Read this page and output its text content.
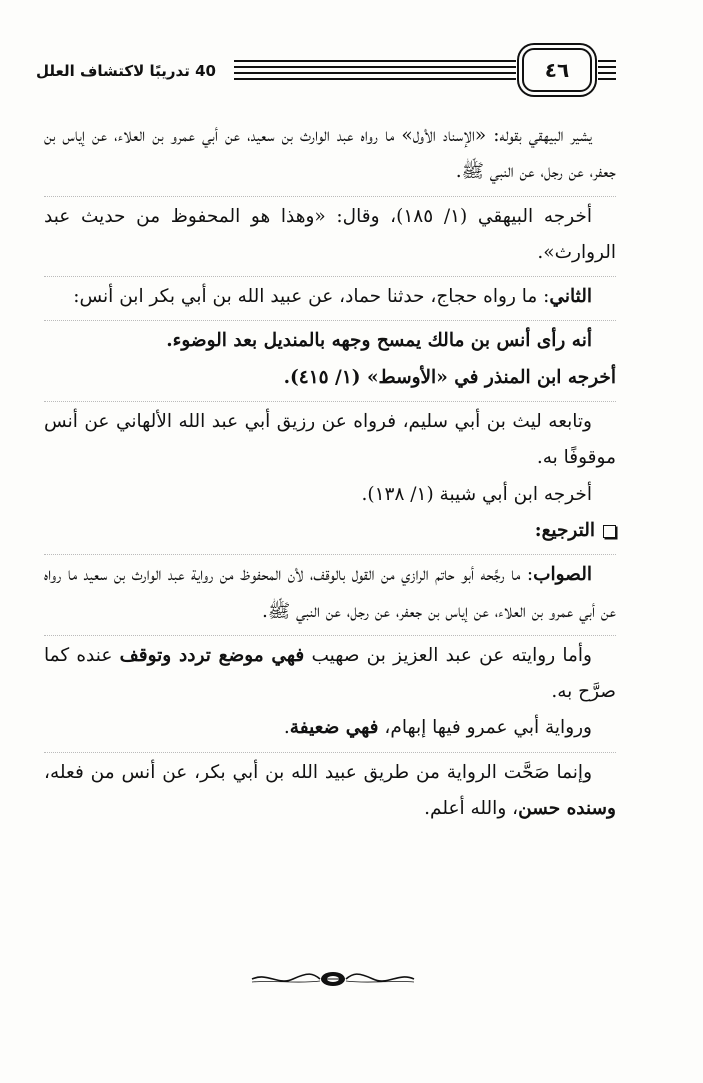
40 تدريبًا لاكتشاف العلل	٤٦

يشير البيهقي بقوله: «الإسناد الأول» ما رواه عبد الوارث بن سعيد، عن أبي عمرو بن العلاء، عن إياس بن جعفر، عن رجل، عن النبي ﷺ.

أخرجه البيهقي (١/ ١٨٥)، وقال: «وهذا هو المحفوظ من حديث عبد الروارث».

الثاني: ما رواه حجاج، حدثنا حماد، عن عبيد الله بن أبي بكر ابن أنس:

أنه رأى أنس بن مالك يمسح وجهه بالمنديل بعد الوضوء.

أخرجه ابن المنذر في «الأوسط» (١/ ٤١٥).

وتابعه ليث بن أبي سليم، فرواه عن رزيق أبي عبد الله الألهاني عن أنس موقوفًا به.

أخرجه ابن أبي شيبة (١/ ١٣٨).

الترجيع:

الصواب: ما رجَّحه أبو حاتم الرازي من القول بالوقف، لأن المحفوظ من رواية عبد الوارث بن سعيد ما رواه عن أبي عمرو بن العلاء، عن إياس بن جعفر، عن رجل، عن النبي ﷺ.

وأما روايته عن عبد العزيز بن صهيب فهي موضع تردد وتوقف عنده كما صرَّح به.

ورواية أبي عمرو فيها إبهام، فهي ضعيفة.

وإنما صَحَّت الرواية من طريق عبيد الله بن أبي بكر، عن أنس من فعله، وسنده حسن، والله أعلم.
